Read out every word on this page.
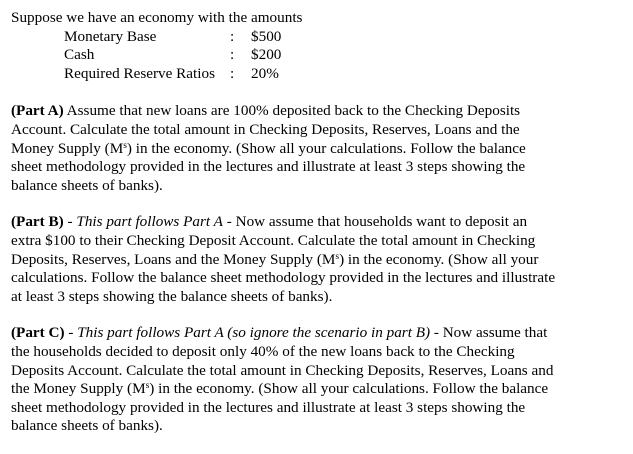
Suppose we have an economy with the amounts

Monetary Base	:	$500
Cash	:	$200
Required Reserve Ratios	:	20%
(Part A) Assume that new loans are 100% deposited back to the Checking Deposits
Account. Calculate the total amount in Checking Deposits, Reserves, Loans and the
Money Supply $(M^s)$ in the economy. (Show all your calculations. Follow the balance
sheet methodology provided in the lectures and illustrate at least 3 steps showing the
balance sheets of banks).
(Part B) - This part follows Part A - Now assume that households want to deposit an
extra $100 to their Checking Deposit Account. Calculate the total amount in Checking
Deposits, Reserves, Loans and the Money Supply $(M^s)$ in the economy. (Show all your
calculations. Follow the balance sheet methodology provided in the lectures and illustrate
at least 3 steps showing the balance sheets of banks).
(Part C) - This part follows Part A (so ignore the scenario in part B) - Now assume that
the households decided to deposit only 40% of the new loans back to the Checking
Deposits Account. Calculate the total amount in Checking Deposits, Reserves, Loans and
the Money Supply $(M^s)$ in the economy. (Show all your calculations. Follow the balance
sheet methodology provided in the lectures and illustrate at least 3 steps showing the
balance sheets of banks).
